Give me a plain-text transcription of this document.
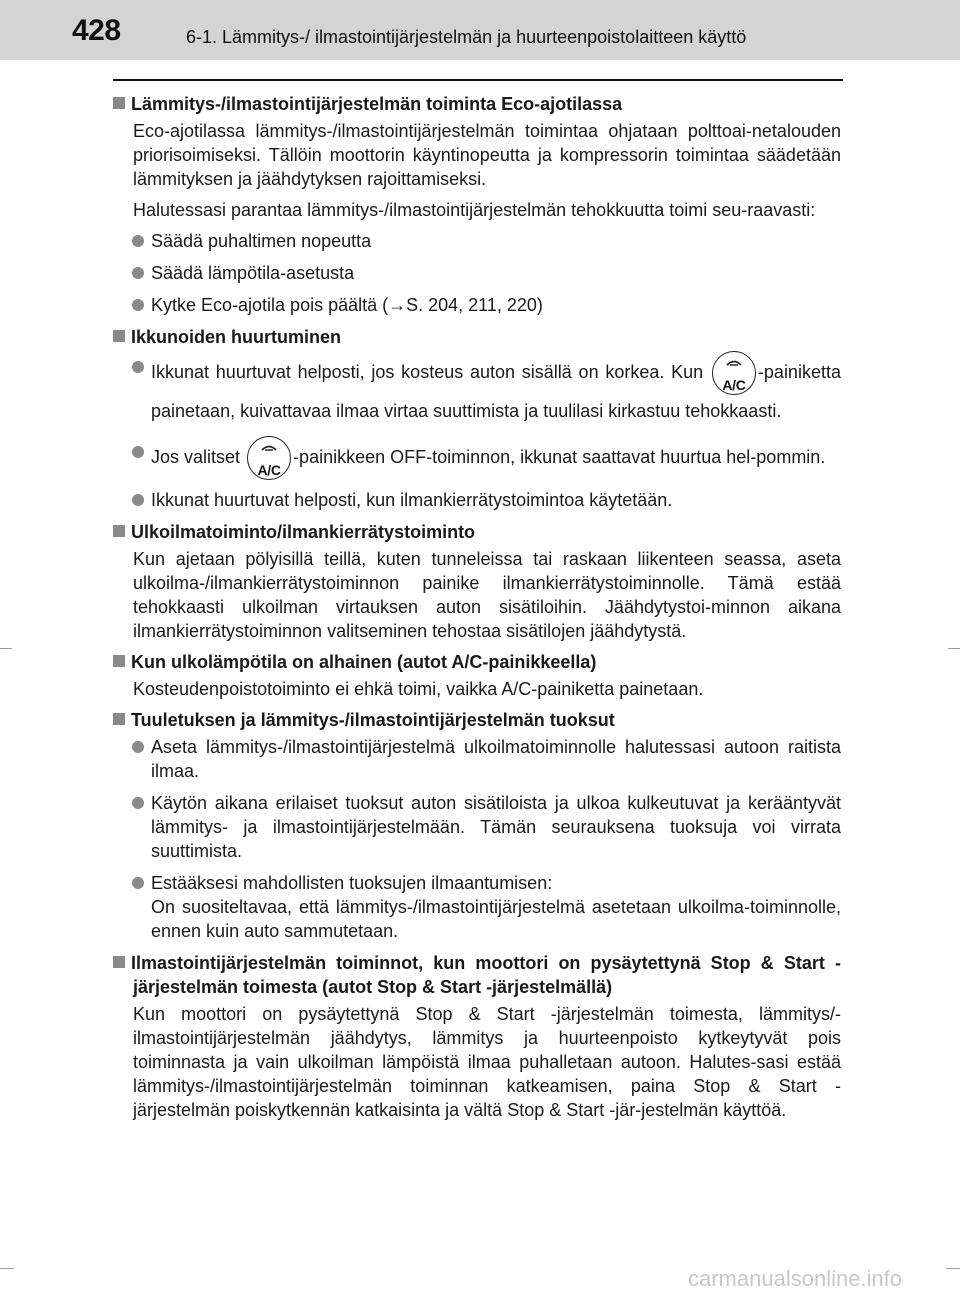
428	6-1. Lämmitys-/ ilmastointijärjestelmän ja huurteenpoistolaitteen käyttö

Lämmitys-/ilmastointijärjestelmän toiminta Eco-ajotilassa

Eco-ajotilassa lämmitys-/ilmastointijärjestelmän toimintaa ohjataan polttoai-netalouden priorisoimiseksi. Tällöin moottorin käyntinopeutta ja kompressorin toimintaa säädetään lämmityksen ja jäähdytyksen rajoittamiseksi.

Halutessasi parantaa lämmitys-/ilmastointijärjestelmän tehokkuutta toimi seu-raavasti:

Säädä puhaltimen nopeutta
Säädä lämpötila-asetusta
Kytke Eco-ajotila pois päältä (→S. 204, 211, 220)

Ikkunoiden huurtuminen

Ikkunat huurtuvat helposti, jos kosteus auton sisällä on korkea. Kun
A/C
-painiketta painetaan, kuivattavaa ilmaa virtaa suuttimista ja tuulilasi kirkastuu tehokkaasti.
Jos valitset
A/C
-painikkeen OFF-toiminnon, ikkunat saattavat huurtua hel-pommin.
Ikkunat huurtuvat helposti, kun ilmankierrätystoimintoa käytetään.

Ulkoilmatoiminto/ilmankierrätystoiminto

Kun ajetaan pölyisillä teillä, kuten tunneleissa tai raskaan liikenteen seassa, aseta ulkoilma-/ilmankierrätystoiminnon painike ilmankierrätystoiminnolle. Tämä estää tehokkaasti ulkoilman virtauksen auton sisätiloihin. Jäähdytystoi-minnon aikana ilmankierrätystoiminnon valitseminen tehostaa sisätilojen jäähdytystä.

Kun ulkolämpötila on alhainen (autot A/C-painikkeella)

Kosteudenpoistotoiminto ei ehkä toimi, vaikka A/C-painiketta painetaan.

Tuuletuksen ja lämmitys-/ilmastointijärjestelmän tuoksut

Aseta lämmitys-/ilmastointijärjestelmä ulkoilmatoiminnolle halutessasi autoon raitista ilmaa.
Käytön aikana erilaiset tuoksut auton sisätiloista ja ulkoa kulkeutuvat ja kerääntyvät lämmitys- ja ilmastointijärjestelmään. Tämän seurauksena tuoksuja voi virrata suuttimista.
Estääksesi mahdollisten tuoksujen ilmaantumisen:
On suositeltavaa, että lämmitys-/ilmastointijärjestelmä asetetaan ulkoilma-toiminnolle, ennen kuin auto sammutetaan.

Ilmastointijärjestelmän toiminnot, kun moottori on pysäytettynä Stop & Start -järjestelmän toimesta (autot Stop & Start -järjestelmällä)

Kun moottori on pysäytettynä Stop & Start -järjestelmän toimesta, lämmitys/-ilmastointijärjestelmän jäähdytys, lämmitys ja huurteenpoisto kytkeytyvät pois toiminnasta ja vain ulkoilman lämpöistä ilmaa puhalletaan autoon. Halutes-sasi estää lämmitys-/ilmastointijärjestelmän toiminnan katkeamisen, paina Stop & Start -järjestelmän poiskytkennän katkaisinta ja vältä Stop & Start -jär-jestelmän käyttöä.

carmanualsonline.info
